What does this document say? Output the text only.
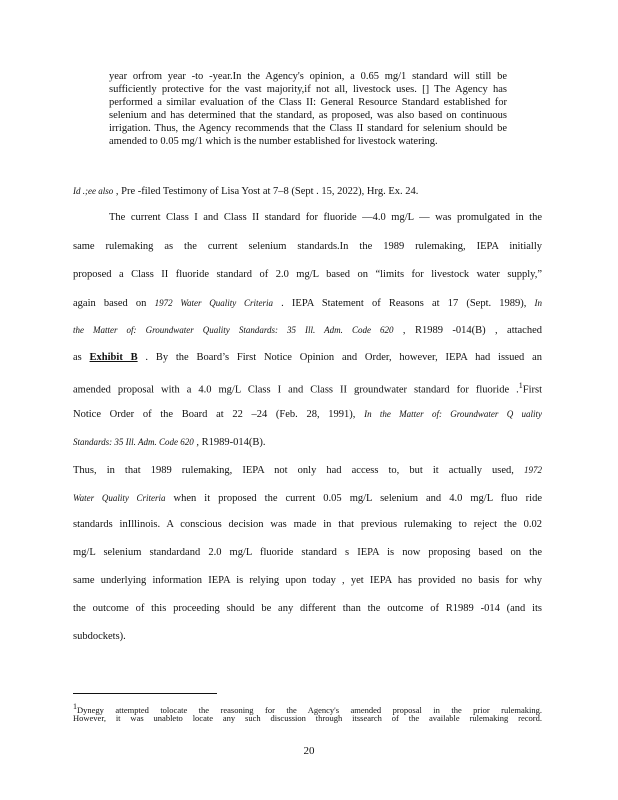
year orfrom year -to -year.In the Agency's opinion, a 0.65 mg/1 standard will still be sufficiently protective for the vast majority,if not all, livestock uses. [] The Agency has performed a similar evaluation of the Class II: General Resource Standard established for selenium and has determined that the standard, as proposed, was also based on continuous irrigation. Thus, the Agency recommends that the Class II standard for selenium should be amended to 0.05 mg/1 which is the number established for livestock watering.
Id .;ee also , Pre -filed Testimony of Lisa Yost at 7–8 (Sept . 15, 2022), Hrg. Ex. 24.
The current Class I and Class II standard for fluoride —4.0 mg/L — was promulgated in the
same rulemaking as the current selenium standards.In the 1989 rulemaking, IEPA initially
proposed a Class II fluoride standard of 2.0 mg/L based on “limits for livestock water supply,”
again based on 1972 Water Quality Criteria . IEPA Statement of Reasons at 17 (Sept. 1989), In
the Matter of: Groundwater Quality Standards: 35 Ill. Adm. Code 620 , R1989 -014(B) , attached
as Exhibit B . By the Board’s First Notice Opinion and Order, however, IEPA had issued an
amended proposal with a 4.0 mg/L Class I and Class II groundwater standard for fluoride .$^1$First
Notice Order of the Board at 22 –24 (Feb. 28, 1991), In the Matter of: Groundwater Q uality
Standards: 35 Ill. Adm. Code 620 , R1989-014(B).
Thus, in that 1989 rulemaking, IEPA not only had access to, but it actually used, 1972
Water Quality Criteria when it proposed the current 0.05 mg/L selenium and 4.0 mg/L fluo ride
standards inIllinois. A conscious decision was made in that previous rulemaking to reject the 0.02
mg/L selenium standardand 2.0 mg/L fluoride standard s IEPA is now proposing based on the
same underlying information IEPA is relying upon today , yet IEPA has provided no basis for why
the outcome of this proceeding should be any different than the outcome of R1989 -014 (and its
subdockets).
1Dynegy attempted tolocate the reasoning for the Agency's amended proposal in the prior rulemaking.
However, it was unableto locate any such discussion through itssearch of the available rulemaking record.
20
